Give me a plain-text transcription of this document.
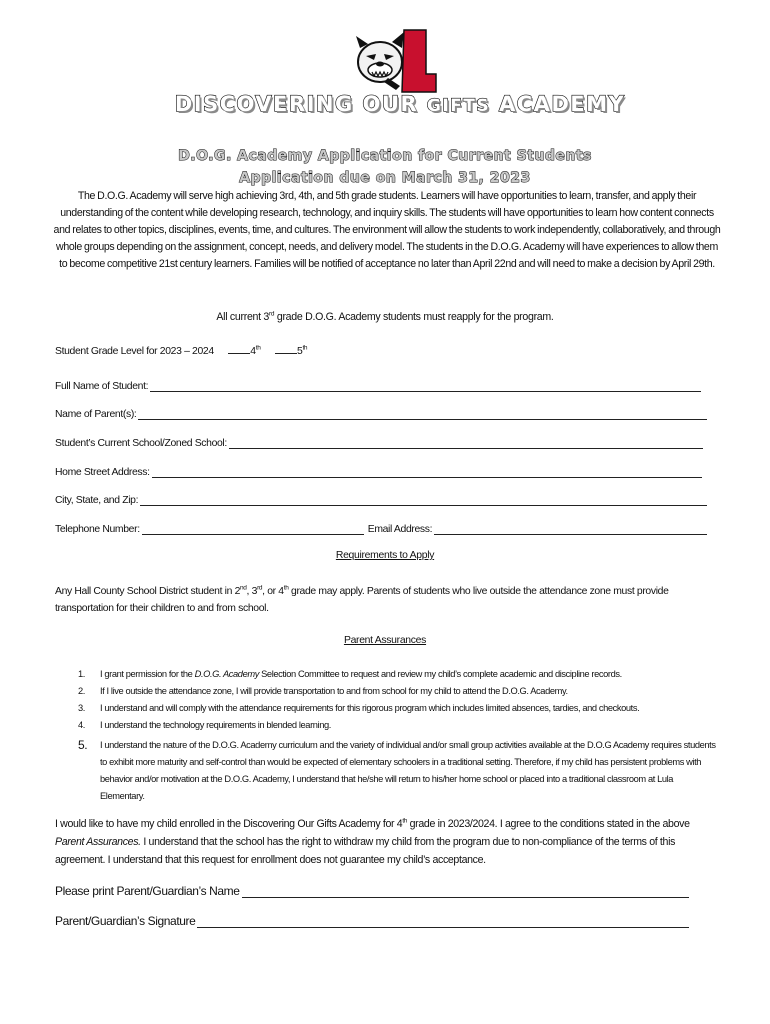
DISCOVERING OUR GIFTS ACADEMY
D.O.G. Academy Application for Current Students
Application due on March 31, 2023
The D.O.G. Academy will serve high achieving 3rd, 4th, and 5th grade students. Learners will have opportunities to learn, transfer, and apply their understanding of the content while developing research, technology, and inquiry skills. The students will have opportunities to learn how content connects and relates to other topics, disciplines, events, time, and cultures. The environment will allow the students to work independently, collaboratively, and through whole groups depending on the assignment, concept, needs, and delivery model. The students in the D.O.G. Academy will have experiences to allow them to become competitive 21st century learners. Families will be notified of acceptance no later than April 22nd and will need to make a decision by April 29th.
All current 3rd grade D.O.G. Academy students must reapply for the program.
Student Grade Level for 2023 – 2024	4th	5th
Full Name of Student:
Name of Parent(s):
Student’s Current School/Zoned School:
Home Street Address:
City, State, and Zip:
Telephone Number:	Email Address:
Requirements to Apply
Any Hall County School District student in 2nd, 3rd, or 4th grade may apply. Parents of students who live outside the attendance zone must provide transportation for their children to and from school.
Parent Assurances
1.	I grant permission for the D.O.G. Academy Selection Committee to request and review my child’s complete academic and discipline records.
2.	If I live outside the attendance zone, I will provide transportation to and from school for my child to attend the D.O.G. Academy.
3.	I understand and will comply with the attendance requirements for this rigorous program which includes limited absences, tardies, and checkouts.
4.	I understand the technology requirements in blended learning.
5.	I understand the nature of the D.O.G. Academy curriculum and the variety of individual and/or small group activities available at the D.O.G Academy requires students to exhibit more maturity and self-control than would be expected of elementary schoolers in a traditional setting. Therefore, if my child has persistent problems with behavior and/or motivation at the D.O.G. Academy, I understand that he/she will return to his/her home school or placed into a traditional classroom at Lula Elementary.
I would like to have my child enrolled in the Discovering Our Gifts Academy for 4th grade in 2023/2024. I agree to the conditions stated in the above Parent Assurances. I understand that the school has the right to withdraw my child from the program due to non-compliance of the terms of this agreement. I understand that this request for enrollment does not guarantee my child’s acceptance.
Please print Parent/Guardian’s Name
Parent/Guardian’s Signature
